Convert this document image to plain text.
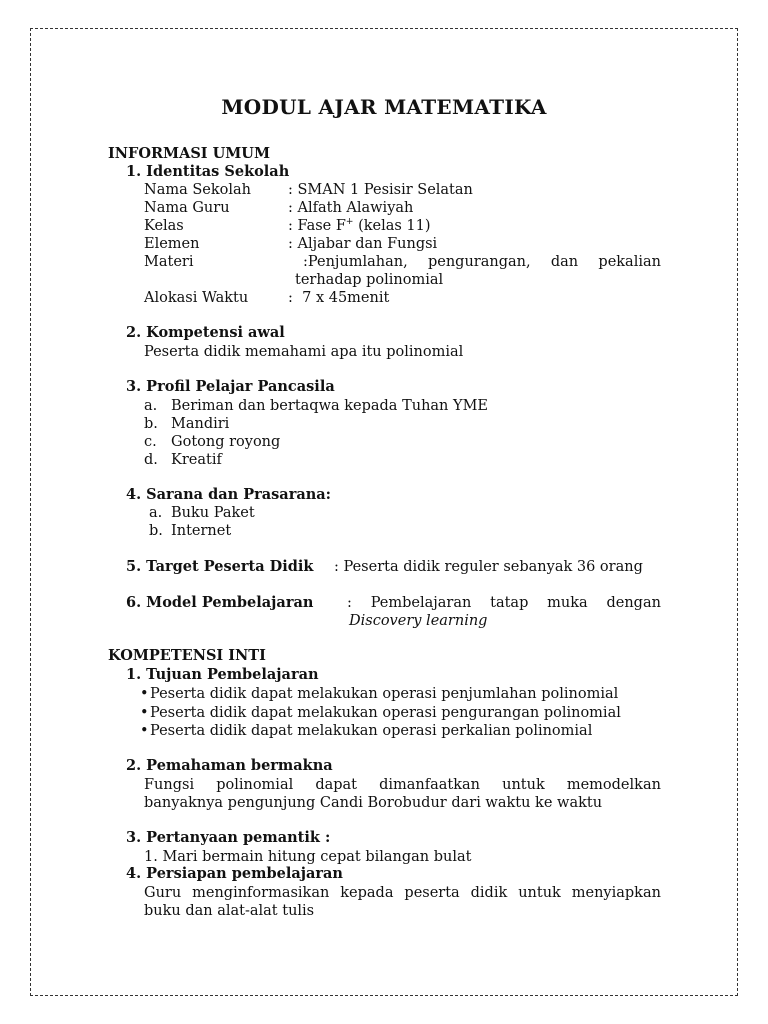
MODUL AJAR MATEMATIKA
INFORMASI UMUM
1. Identitas Sekolah
Nama Sekolah	: SMAN 1 Pesisir Selatan
Nama Guru	: Alfath Alawiyah
Kelas	: Fase F+ (kelas 11)
Elemen	: Aljabar dan Fungsi
Materi	:Penjumlahan, pengurangan, dan pekalian
terhadap polinomial
Alokasi Waktu	:  7 x 45menit
2. Kompetensi awal
Peserta didik memahami apa itu polinomial
3. Profil Pelajar Pancasila
a. Beriman dan bertaqwa kepada Tuhan YME
b. Mandiri
c. Gotong royong
d. Kreatif
4. Sarana dan Prasarana:
a. Buku Paket
b. Internet
5. Target Peserta Didik : Peserta didik reguler sebanyak 36 orang
6. Model Pembelajaran : Pembelajaran tatap muka dengan
Discovery learning
KOMPETENSI INTI
1. Tujuan Pembelajaran
•Peserta didik dapat melakukan operasi penjumlahan polinomial
•Peserta didik dapat melakukan operasi pengurangan polinomial
•Peserta didik dapat melakukan operasi perkalian polinomial
2. Pemahaman bermakna
Fungsi polinomial dapat dimanfaatkan untuk memodelkan
banyaknya pengunjung Candi Borobudur dari waktu ke waktu
3. Pertanyaan pemantik :
1. Mari bermain hitung cepat bilangan bulat
4. Persiapan pembelajaran
Guru menginformasikan kepada peserta didik untuk menyiapkan
buku dan alat-alat tulis
